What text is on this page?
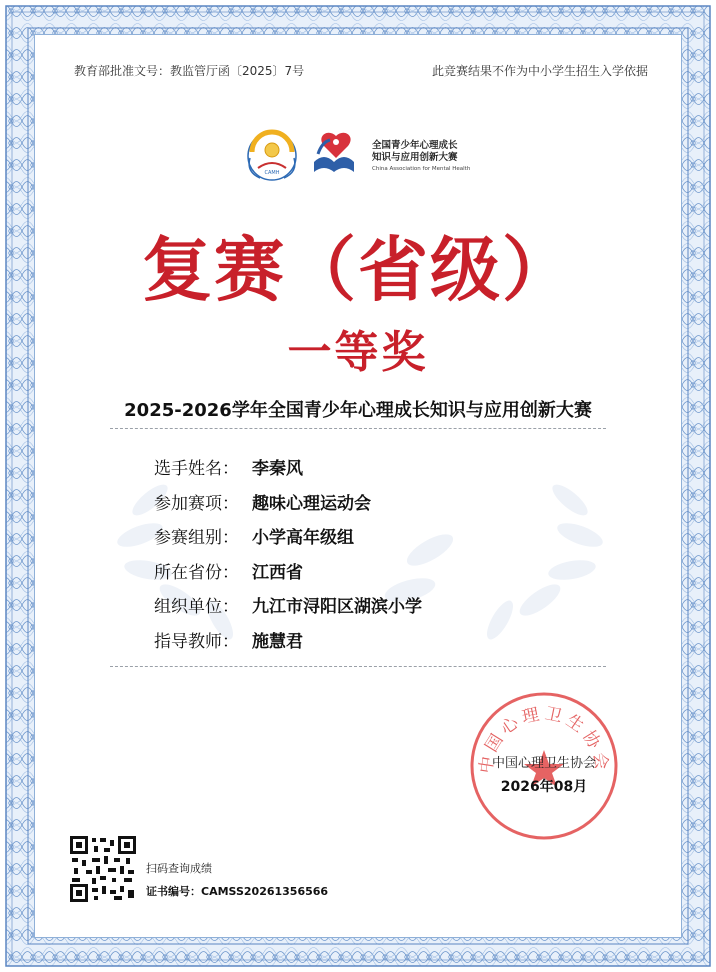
教育部批准文号：教监管厅函〔2025〕7号	此竞赛结果不作为中小学生招生入学依据
CAMH
全国青少年心理成长
知识与应用创新大赛
China Association for Mental Health
复赛（省级）
一等奖
2025-2026学年全国青少年心理成长知识与应用创新大赛
选手姓名： 李秦风
参加赛项： 趣味心理运动会
参赛组别： 小学高年级组
所在省份： 江西省
组织单位： 九江市浔阳区湖滨小学
指导教师： 施慧君
中国心理卫生协会
中国心理卫生协会
2026年08月
扫码查询成绩
证书编号：CAMSS20261356566
